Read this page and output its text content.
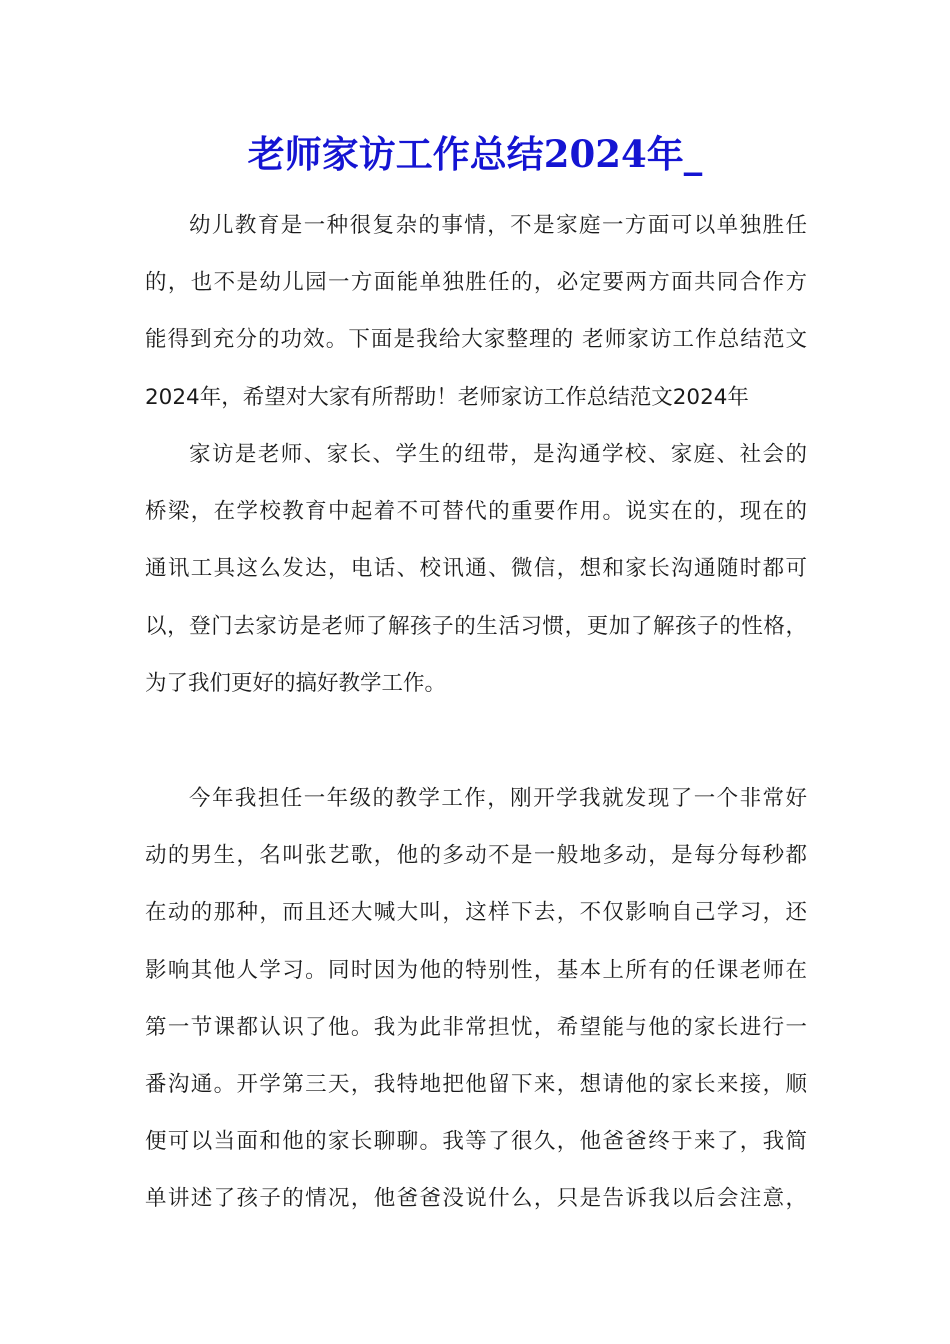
老师家访工作总结2024年_
幼儿教育是一种很复杂的事情，不是家庭一方面可以单独胜任
的，也不是幼儿园一方面能单独胜任的，必定要两方面共同合作方
能得到充分的功效。下面是我给大家整理的 老师家访工作总结范文
2024年，希望对大家有所帮助！老师家访工作总结范文2024年
家访是老师、家长、学生的纽带，是沟通学校、家庭、社会的
桥梁，在学校教育中起着不可替代的重要作用。说实在的，现在的
通讯工具这么发达，电话、校讯通、微信，想和家长沟通随时都可
以，登门去家访是老师了解孩子的生活习惯，更加了解孩子的性格，
为了我们更好的搞好教学工作。
今年我担任一年级的教学工作，刚开学我就发现了一个非常好
动的男生，名叫张艺歌，他的多动不是一般地多动，是每分每秒都
在动的那种，而且还大喊大叫，这样下去，不仅影响自己学习，还
影响其他人学习。同时因为他的特别性，基本上所有的任课老师在
第一节课都认识了他。我为此非常担忧，希望能与他的家长进行一
番沟通。开学第三天，我特地把他留下来，想请他的家长来接，顺
便可以当面和他的家长聊聊。我等了很久，他爸爸终于来了，我简
单讲述了孩子的情况，他爸爸没说什么，只是告诉我以后会注意，
